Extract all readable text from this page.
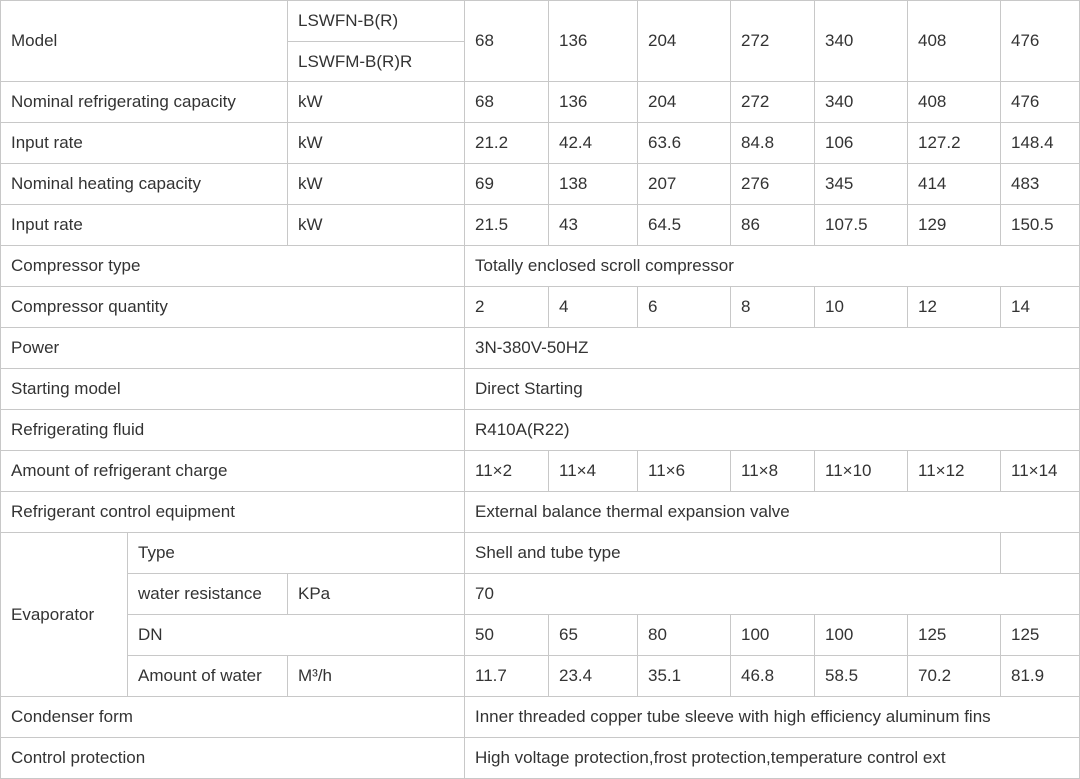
Model		LSWFN-B(R)	68	136	204	272	340	408	476
		LSWFM-B(R)R							
Nominal refrigerating capacity		kW	68	136	204	272	340	408	476
Input rate		kW	21.2	42.4	63.6	84.8	106	127.2	148.4
Nominal heating capacity		kW	69	138	207	276	345	414	483
Input rate		kW	21.5	43	64.5	86	107.5	129	150.5
Compressor type			Totally enclosed scroll compressor						
Compressor quantity			2	4	6	8	10	12	14
Power			3N-380V-50HZ						
Starting model			Direct Starting						
Refrigerating fluid			R410A(R22)						
Amount of refrigerant charge			11×2	11×4	11×6	11×8	11×10	11×12	11×14
Refrigerant control equipment			External balance thermal expansion valve						
Evaporator	Type		Shell and tube type						
	water resistance	KPa	70						
	DN		50	65	80	100	100	125	125
	Amount of water	M³/h	11.7	23.4	35.1	46.8	58.5	70.2	81.9
Condenser form			Inner threaded copper tube sleeve with high efficiency aluminum fins						
Control protection			High voltage protection,frost protection,temperature control ext						
